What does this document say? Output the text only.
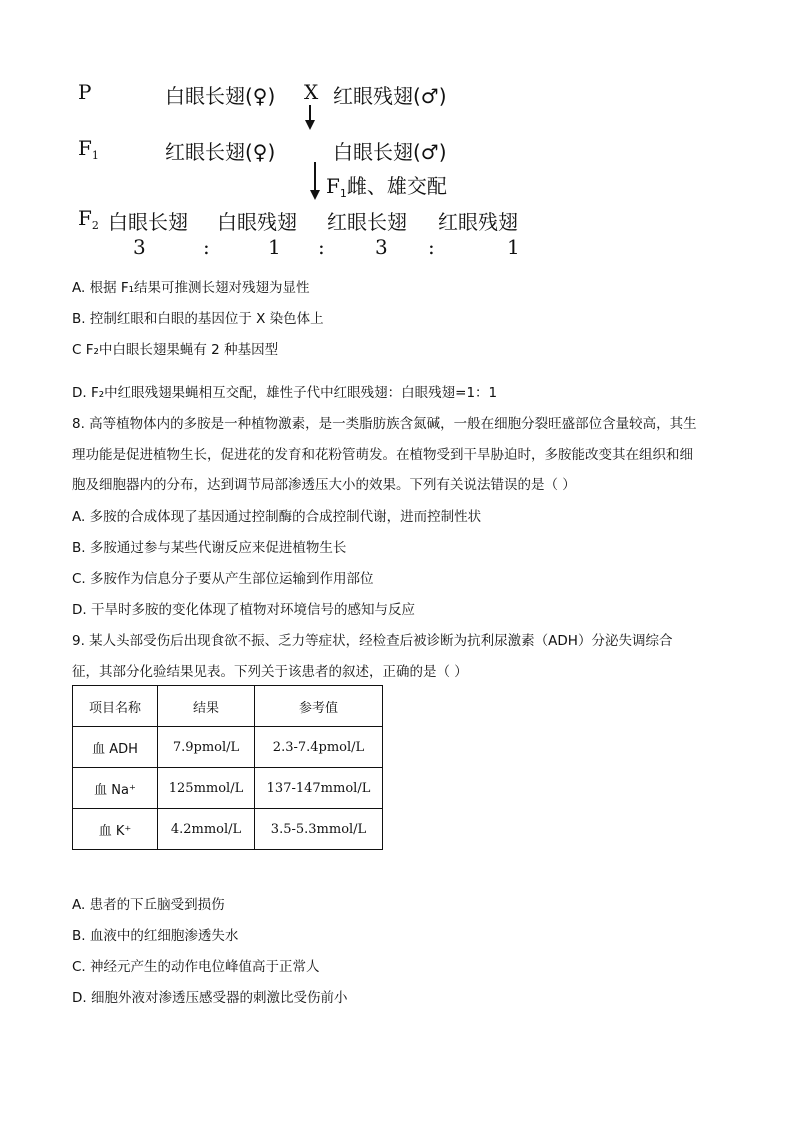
P	白眼长翅(♀) X 红眼残翅(♂)
$F_1$	红眼长翅(♀)	白眼长翅(♂)
$F_1$雌、雄交配
$F_2$ 白眼长翅 白眼残翅 红眼长翅 红眼残翅
3	:	1 :	3 :	1
A. 根据 F₁结果可推测长翅对残翅为显性
B. 控制红眼和白眼的基因位于 X 染色体上
C F₂中白眼长翅果蝇有 2 种基因型
D. F₂中红眼残翅果蝇相互交配，雄性子代中红眼残翅：白眼残翅=1：1
8. 高等植物体内的多胺是一种植物激素，是一类脂肪族含氮碱，一般在细胞分裂旺盛部位含量较高，其生
理功能是促进植物生长，促进花的发育和花粉管萌发。在植物受到干旱胁迫时，多胺能改变其在组织和细
胞及细胞器内的分布，达到调节局部渗透压大小的效果。下列有关说法错误的是（ ）
A. 多胺的合成体现了基因通过控制酶的合成控制代谢，进而控制性状
B. 多胺通过参与某些代谢反应来促进植物生长
C. 多胺作为信息分子要从产生部位运输到作用部位
D. 干旱时多胺的变化体现了植物对环境信号的感知与反应
9. 某人头部受伤后出现食欲不振、乏力等症状，经检查后被诊断为抗利尿激素（ADH）分泌失调综合
征，其部分化验结果见表。下列关于该患者的叙述，正确的是（ ）
项目名称	结果	参考值
血 ADH	7.9pmol/L	2.3-7.4pmol/L
血 Na⁺	125mmol/L	137-147mmol/L
血 K⁺	4.2mmol/L	3.5-5.3mmol/L
A. 患者的下丘脑受到损伤
B. 血液中的红细胞渗透失水
C. 神经元产生的动作电位峰值高于正常人
D. 细胞外液对渗透压感受器的刺激比受伤前小
